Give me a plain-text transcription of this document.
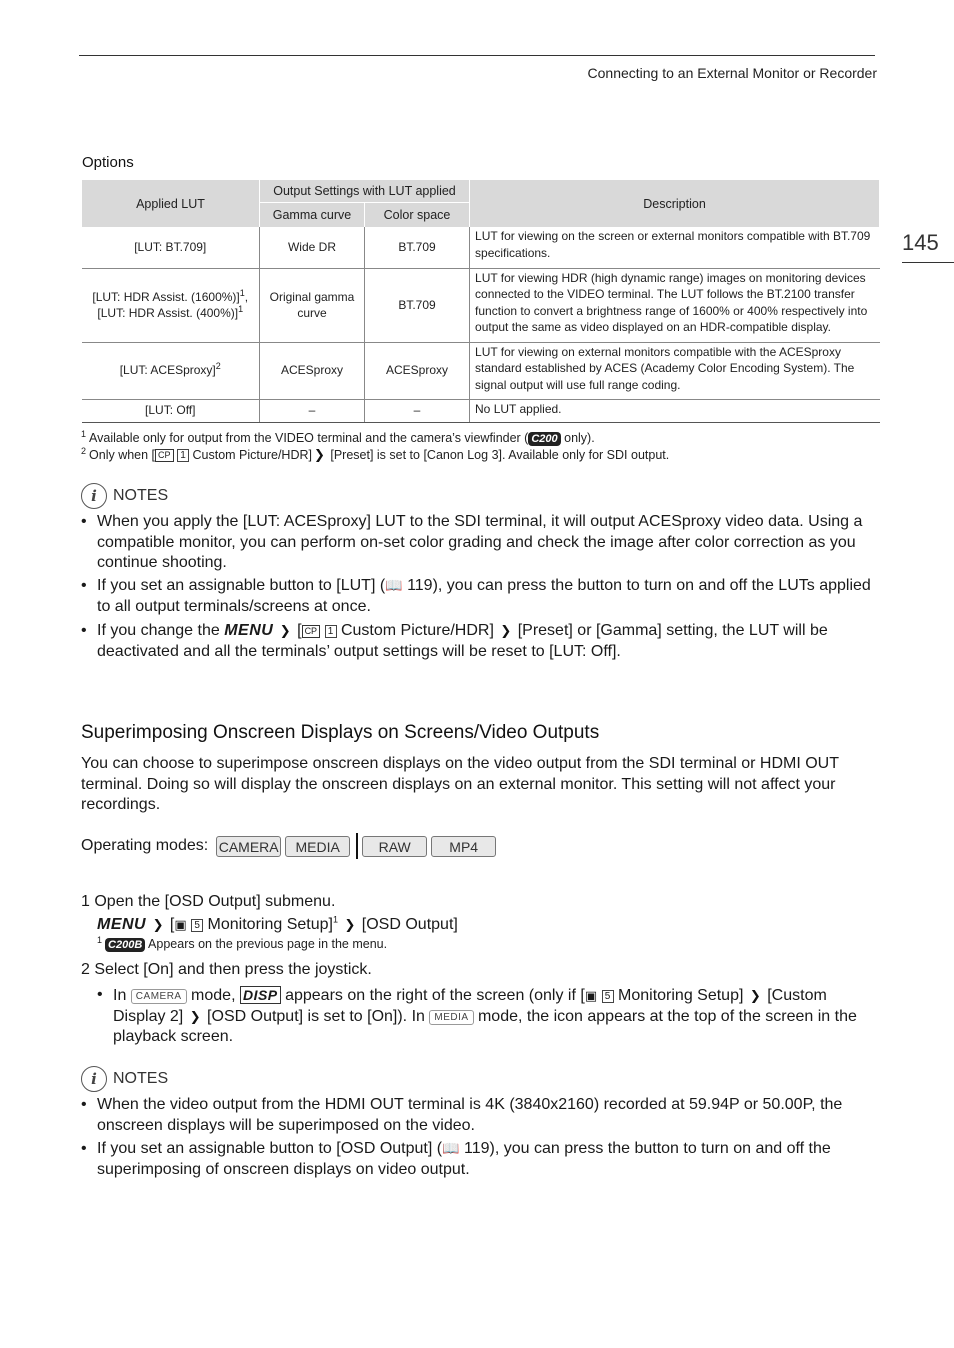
Connecting to an External Monitor or Recorder
145
Options
Applied LUT	Output Settings with LUT applied		Description
	Gamma curve	Color space	
[LUT: BT.709]	Wide DR	BT.709	LUT for viewing on the screen or external monitors compatible with BT.709 specifications.
[LUT: HDR Assist. (1600%)]$^1$,
[LUT: HDR Assist. (400%)]$^1$	Original gamma curve	BT.709	LUT for viewing HDR (high dynamic range) images on monitoring devices connected to the VIDEO terminal. The LUT follows the BT.2100 transfer function to convert a brightness range of 1600% or 400% respectively into output the same as video displayed on an HDR-compatible display.
[LUT: ACESproxy]$^2$	ACESproxy	ACESproxy	LUT for viewing on external monitors compatible with the ACESproxy standard established by ACES (Academy Color Encoding System). The signal output will use full range coding.
[LUT: Off]	–	–	No LUT applied.
$^1$ Available only for output from the VIDEO terminal and the camera’s viewfinder ( C200 only).
$^2$ Only when [ CP 1 Custom Picture/HDR] ❯ [Preset] is set to [Canon Log 3]. Available only for SDI output.
i	NOTES
• When you apply the [LUT: ACESproxy] LUT to the SDI terminal, it will output ACESproxy video data. Using a compatible monitor, you can perform on-set color grading and check the image after color correction as you continue shooting.
• If you set an assignable button to [LUT] (📖 119), you can press the button to turn on and off the LUTs applied to all output terminals/screens at once.
• If you change the MENU ❯ [ CP 1 Custom Picture/HDR] ❯ [Preset] or [Gamma] setting, the LUT will be deactivated and all the terminals’ output settings will be reset to [LUT: Off].
Superimposing Onscreen Displays on Screens/Video Outputs
You can choose to superimpose onscreen displays on the video output from the SDI terminal or HDMI OUT terminal. Doing so will display the onscreen displays on an external monitor. This setting will not affect your recordings.
Operating modes: CAMERA	MEDIA	RAW	MP4
1 Open the [OSD Output] submenu.
MENU ❯ [▣ 5 Monitoring Setup]$^1$ ❯ [OSD Output]
$^1$ C200B Appears on the previous page in the menu.
2 Select [On] and then press the joystick.
• In CAMERA mode, DISP appears on the right of the screen (only if [▣ 5 Monitoring Setup] ❯ [Custom Display 2] ❯ [OSD Output] is set to [On]). In MEDIA mode, the icon appears at the top of the screen in the playback screen.
i	NOTES
• When the video output from the HDMI OUT terminal is 4K (3840x2160) recorded at 59.94P or 50.00P, the onscreen displays will be superimposed on the video.
• If you set an assignable button to [OSD Output] (📖 119), you can press the button to turn on and off the superimposing of onscreen displays on video output.
